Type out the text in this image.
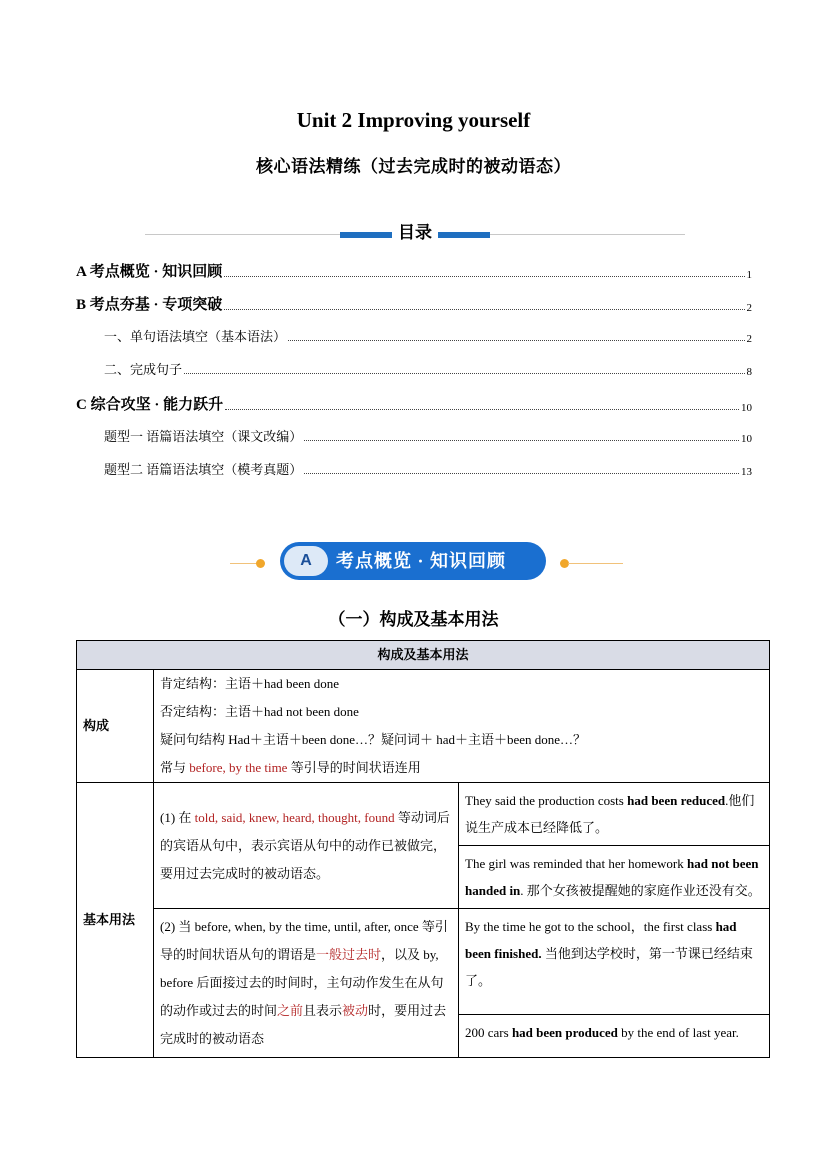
Unit 2 Improving yourself
核心语法精练（过去完成时的被动语态）
目录
A 考点概览 · 知识回顾	1
B 考点夯基 · 专项突破	2
一、单句语法填空（基本语法）	2
二、完成句子	8
C 综合攻坚 · 能力跃升	10
题型一 语篇语法填空（课文改编）	10
题型二 语篇语法填空（模考真题）	13
A	考点概览 · 知识回顾
（一）构成及基本用法
构成及基本用法		
构成	肯定结构：主语＋had been done
否定结构：主语＋had not been done
疑问句结构 Had＋主语＋been done…？疑问词＋ had＋主语＋been done…？
常与 before, by the time 等引导的时间状语连用	

基本用法	(1) 在 told, said, knew, heard, thought, found 等动词后的宾语从句中，表示宾语从句中的动作已被做完，要用过去完成时的被动语态。	They said the production costs had been reduced.他们说生产成本已经降低了。
		The girl was reminded that her homework had not been handed in. 那个女孩被提醒她的家庭作业还没有交。
	(2) 当 before, when, by the time, until, after, once 等引导的时间状语从句的谓语是一般过去时，以及 by, before 后面接过去的时间时，主句动作发生在从句的动作或过去的时间之前且表示被动时，要用过去完成时的被动语态	By the time he got to the school，the first class had been finished. 当他到达学校时，第一节课已经结束了。
		200 cars had been produced by the end of last year.
